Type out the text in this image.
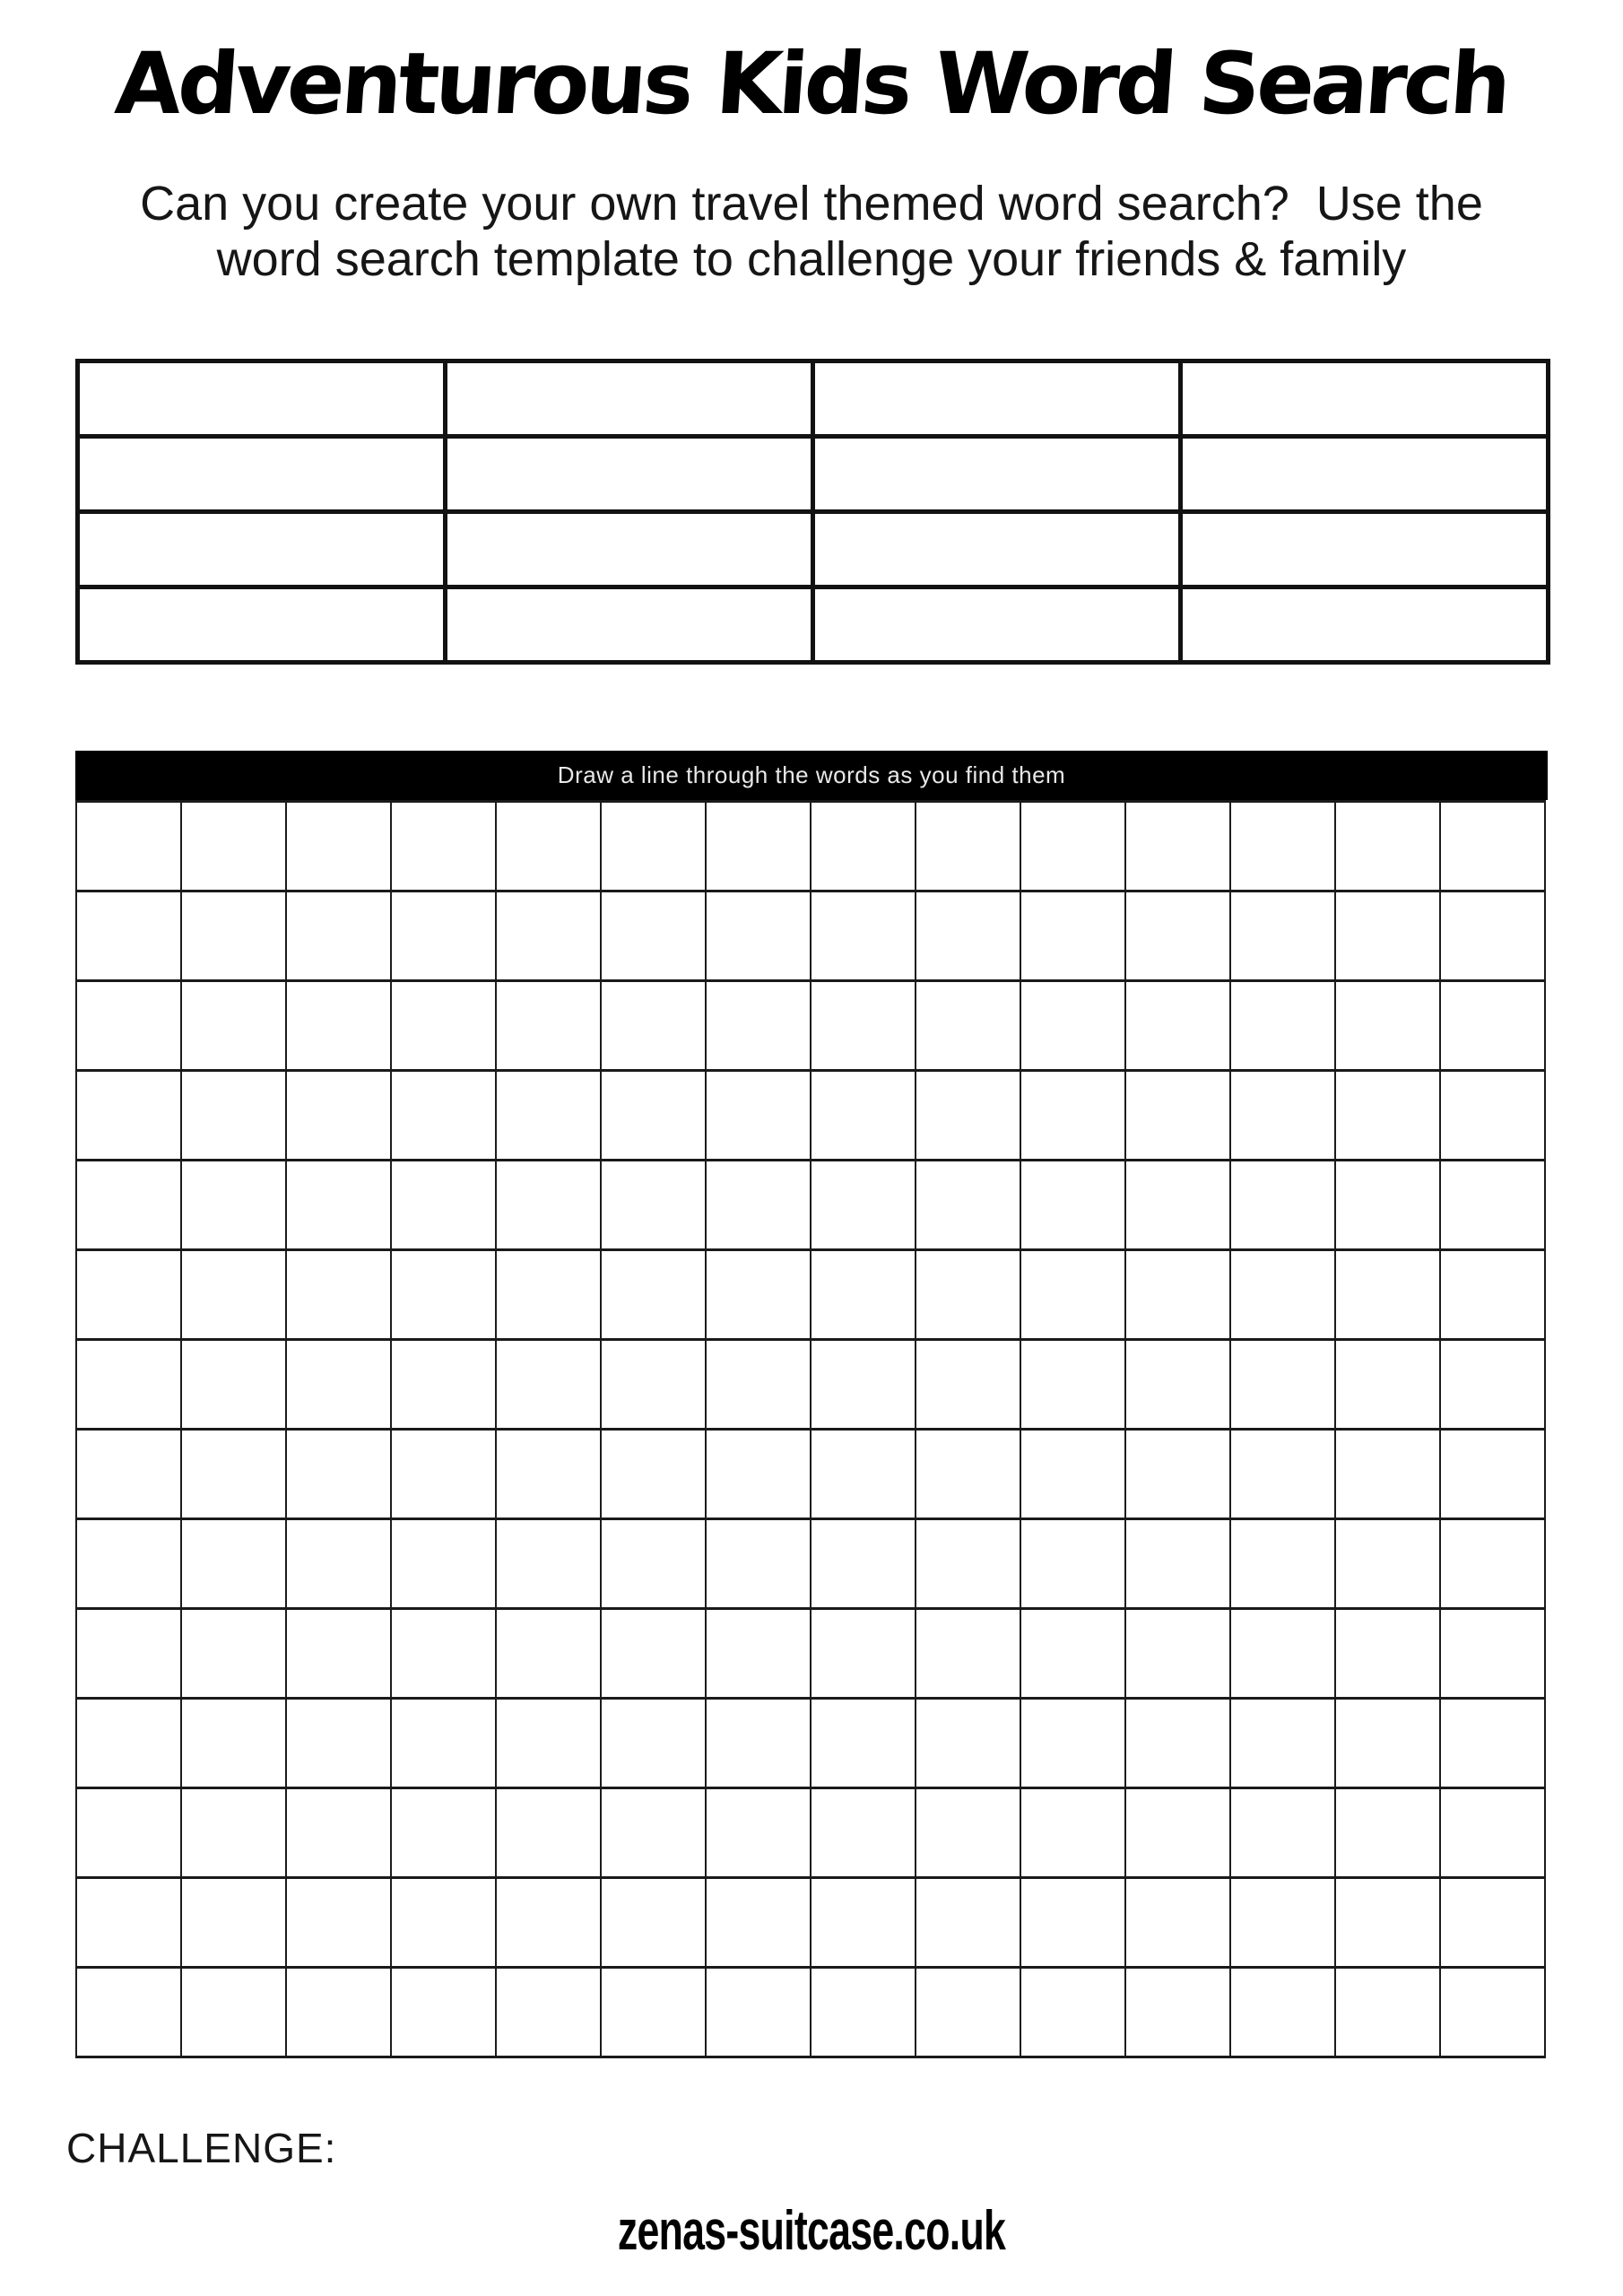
Adventurous Kids Word Search
Can you create your own travel themed word search?  Use the
word search template to challenge your friends & family

Draw a line through the words as you find them

CHALLENGE:
zenas-suitcase.co.uk
